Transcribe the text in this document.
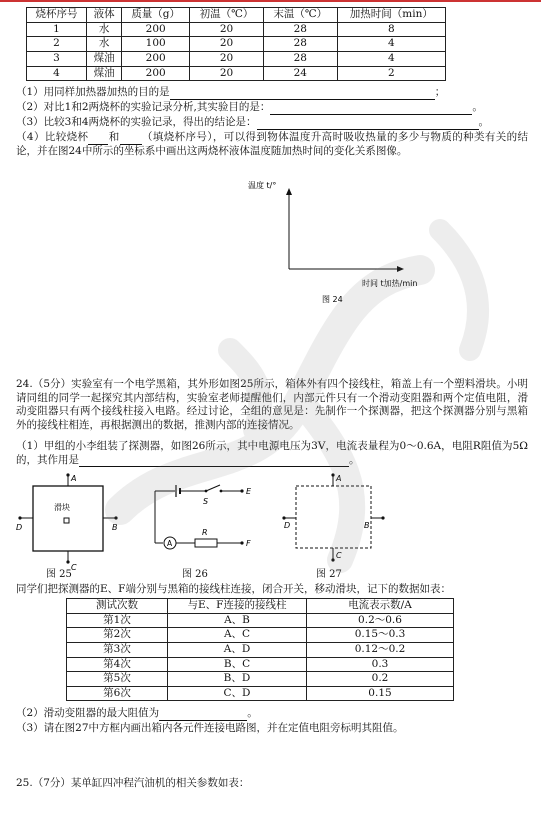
烧杯序号	液体	质量（g）	初温（℃）	末温（℃）	加热时间（min）
1	水	200	20	28	8
2	水	100	20	28	4
3	煤油	200	20	28	4
4	煤油	200	20	24	2
（1）用同样加热器加热的目的是	；
（2）对比1和2两烧杯的实验记录分析,其实验目的是：	。
（3）比较3和4两烧杯的实验记录，得出的结论是：	。
（4）比较烧杯 和 （填烧杯序号），可以得到物体温度升高时吸收热量的多少与物质的种类有关的结论，并在图24中所示的坐标系中画出这两烧杯液体温度随加热时间的变化关系图像。
温度 t/°
时间 t加热/min
图 24
24.（5分）实验室有一个电学黑箱，其外形如图25所示，箱体外有四个接线柱，箱盖上有一个塑料滑块。小明请同组的同学一起探究其内部结构，实验室老师提醒他们，内部元件只有一个滑动变阻器和两个定值电阻，滑动变阻器只有两个接线柱接入电路。经过讨论，全组的意见是：先制作一个探测器，把这个探测器分别与黑箱外的接线柱相连，再根据测出的数据，推测内部的连接情况。
（1）甲组的小李组装了探测器，如图26所示，其中电源电压为3V，电流表量程为0～0.6A，电阻R阻值为5Ω的，其作用是	。
A
C
D	B
滑块
图 25
S
E
A
R
F
图 26
A
C
D	B
图 27
同学们把探测器的E、F端分别与黑箱的接线柱连接，闭合开关，移动滑块，记下的数据如表：
测试次数	与E、F连接的接线柱	电流表示数/A
第1次	A、B	0.2～0.6
第2次	A、C	0.15～0.3
第3次	A、D	0.12～0.2
第4次	B、C	0.3
第5次	B、D	0.2
第6次	C、D	0.15
（2）滑动变阻器的最大阻值为	。
（3）请在图27中方框内画出箱内各元件连接电路图，并在定值电阻旁标明其阻值。
25.（7分）某单缸四冲程汽油机的相关参数如表：
